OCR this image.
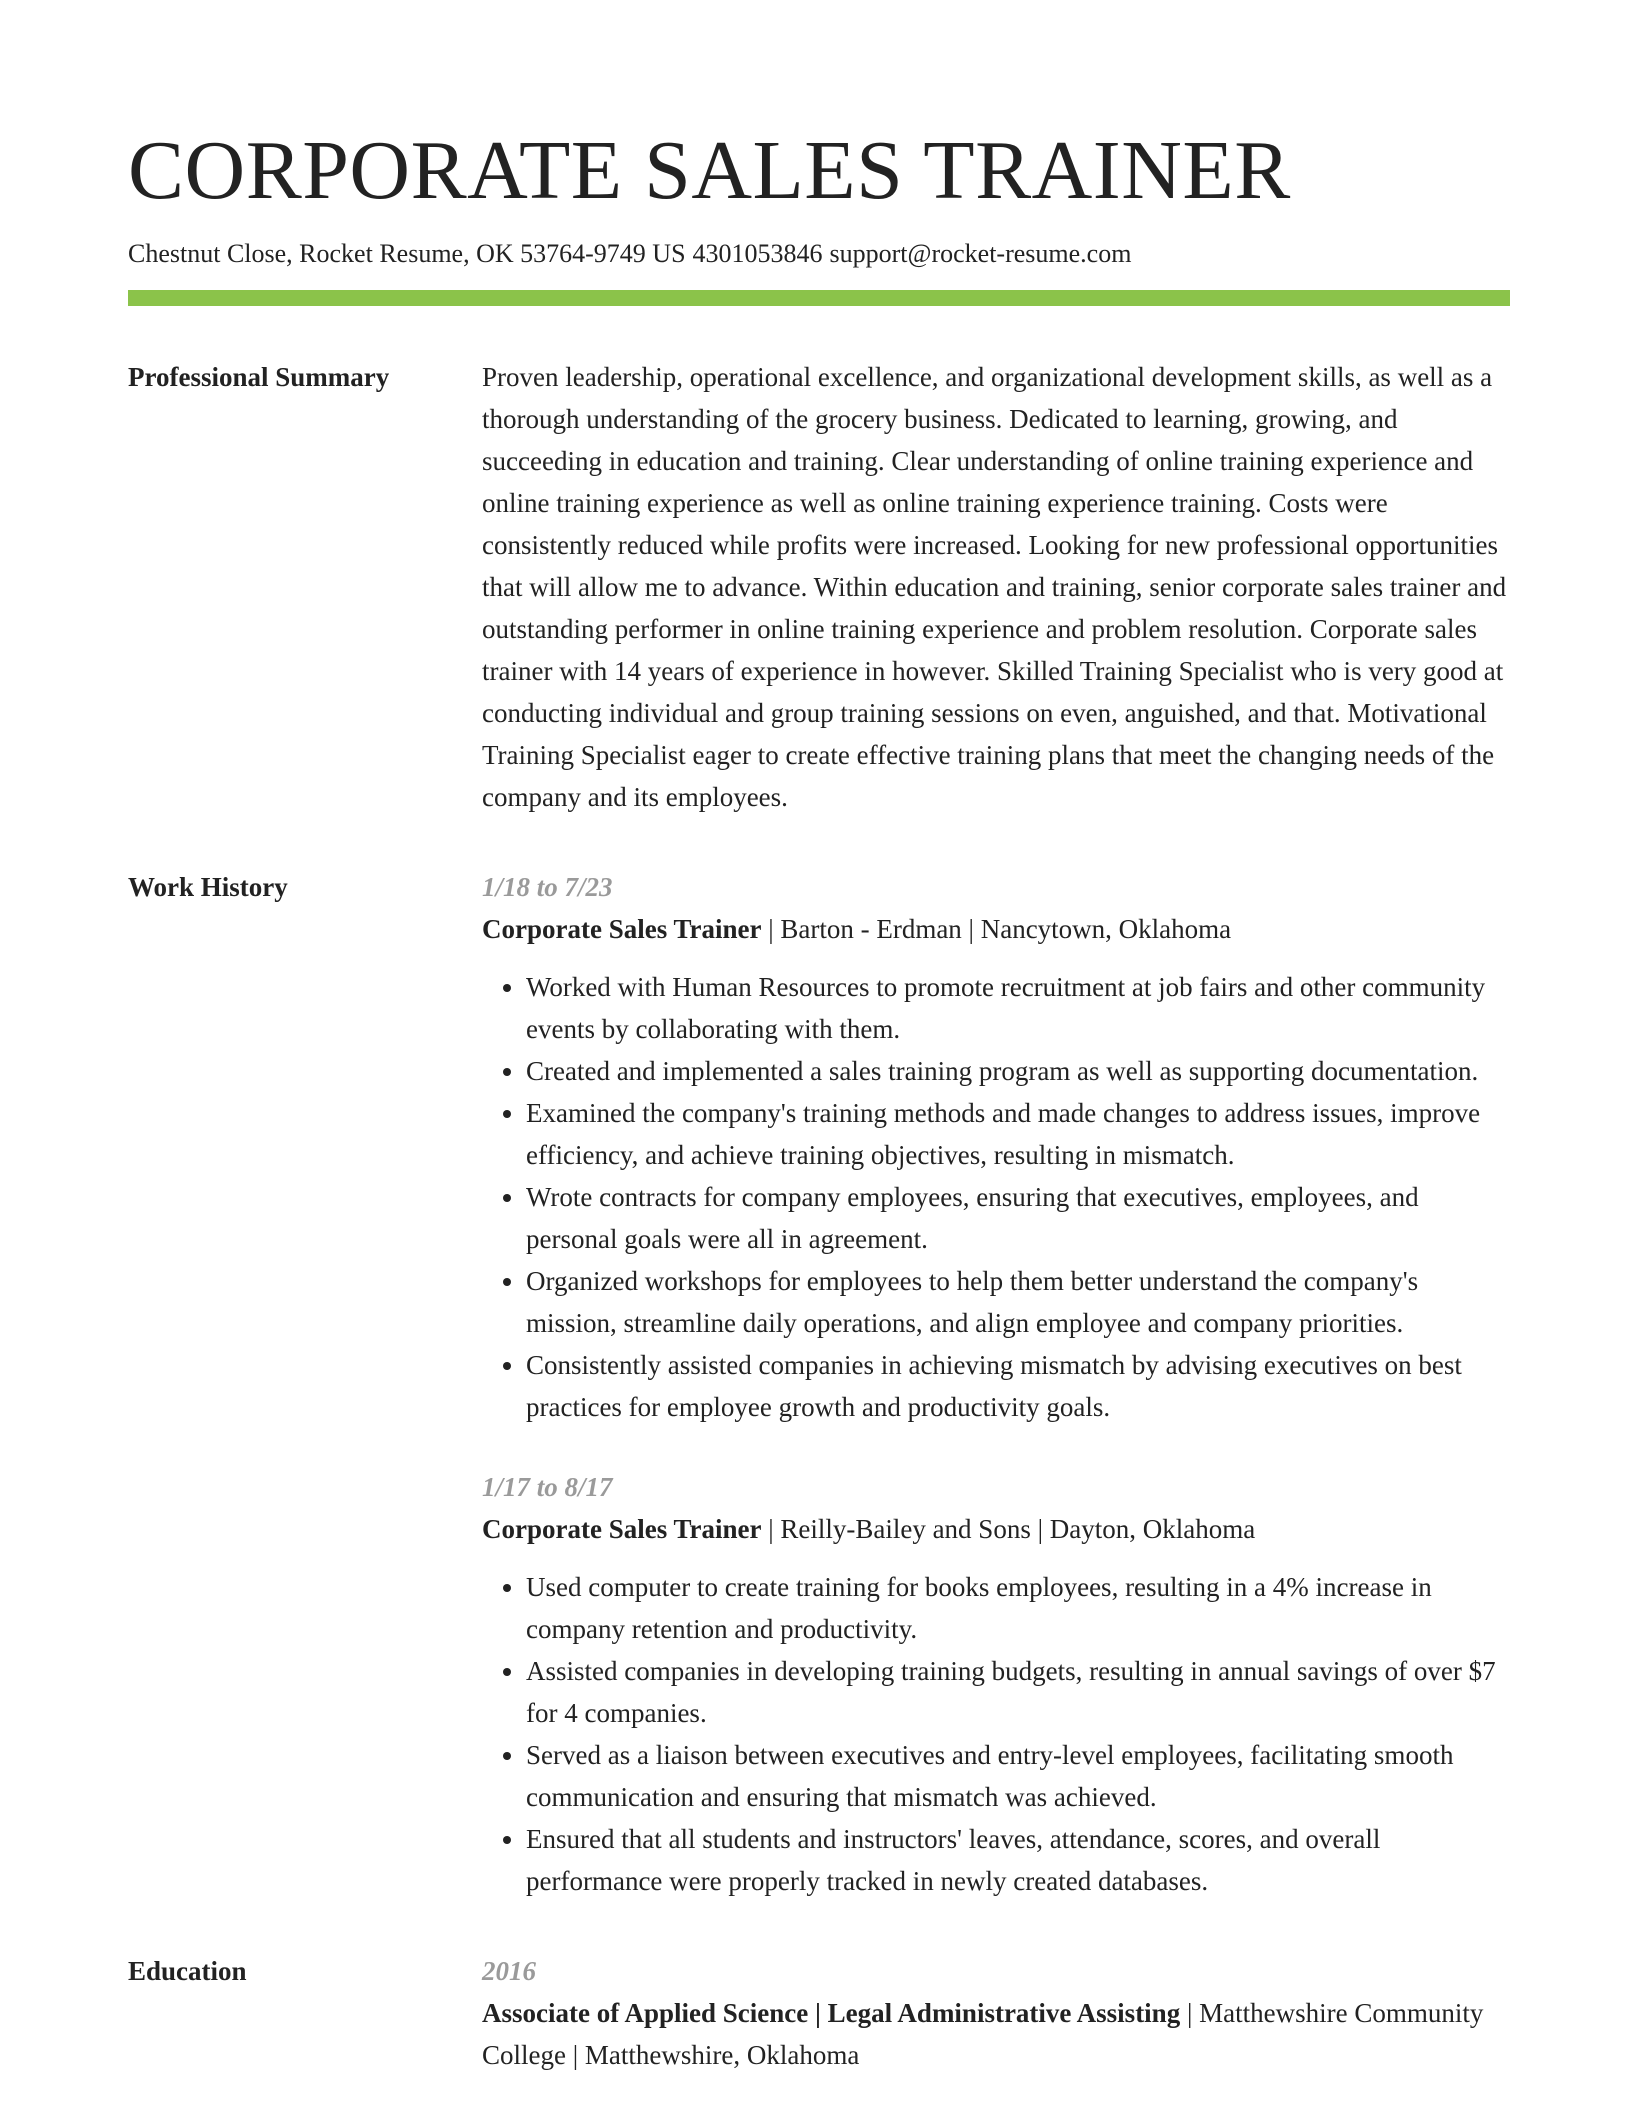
CORPORATE SALES TRAINER
Chestnut Close, Rocket Resume, OK 53764-9749 US 4301053846 support@rocket-resume.com
Professional Summary	Proven leadership, operational excellence, and organizational development skills, as well as a thorough understanding of the grocery business. Dedicated to learning, growing, and succeeding in education and training. Clear understanding of online training experience and online training experience as well as online training experience training. Costs were consistently reduced while profits were increased. Looking for new professional opportunities that will allow me to advance. Within education and training, senior corporate sales trainer and outstanding performer in online training experience and problem resolution. Corporate sales trainer with 14 years of experience in however. Skilled Training Specialist who is very good at conducting individual and group training sessions on even, anguished, and that. Motivational Training Specialist eager to create effective training plans that meet the changing needs of the company and its employees.

Work History	1/18 to 7/23
Corporate Sales Trainer | Barton - Erdman | Nancytown, Oklahoma
• Worked with Human Resources to promote recruitment at job fairs and other community events by collaborating with them.
• Created and implemented a sales training program as well as supporting documentation.
• Examined the company's training methods and made changes to address issues, improve efficiency, and achieve training objectives, resulting in mismatch.
• Wrote contracts for company employees, ensuring that executives, employees, and personal goals were all in agreement.
• Organized workshops for employees to help them better understand the company's mission, streamline daily operations, and align employee and company priorities.
• Consistently assisted companies in achieving mismatch by advising executives on best practices for employee growth and productivity goals.
1/17 to 8/17
Corporate Sales Trainer | Reilly-Bailey and Sons | Dayton, Oklahoma
• Used computer to create training for books employees, resulting in a 4% increase in company retention and productivity.
• Assisted companies in developing training budgets, resulting in annual savings of over $7 for 4 companies.
• Served as a liaison between executives and entry-level employees, facilitating smooth communication and ensuring that mismatch was achieved.
• Ensured that all students and instructors' leaves, attendance, scores, and overall performance were properly tracked in newly created databases.
Education	2016
Associate of Applied Science | Legal Administrative Assisting | Matthewshire Community College | Matthewshire, Oklahoma
